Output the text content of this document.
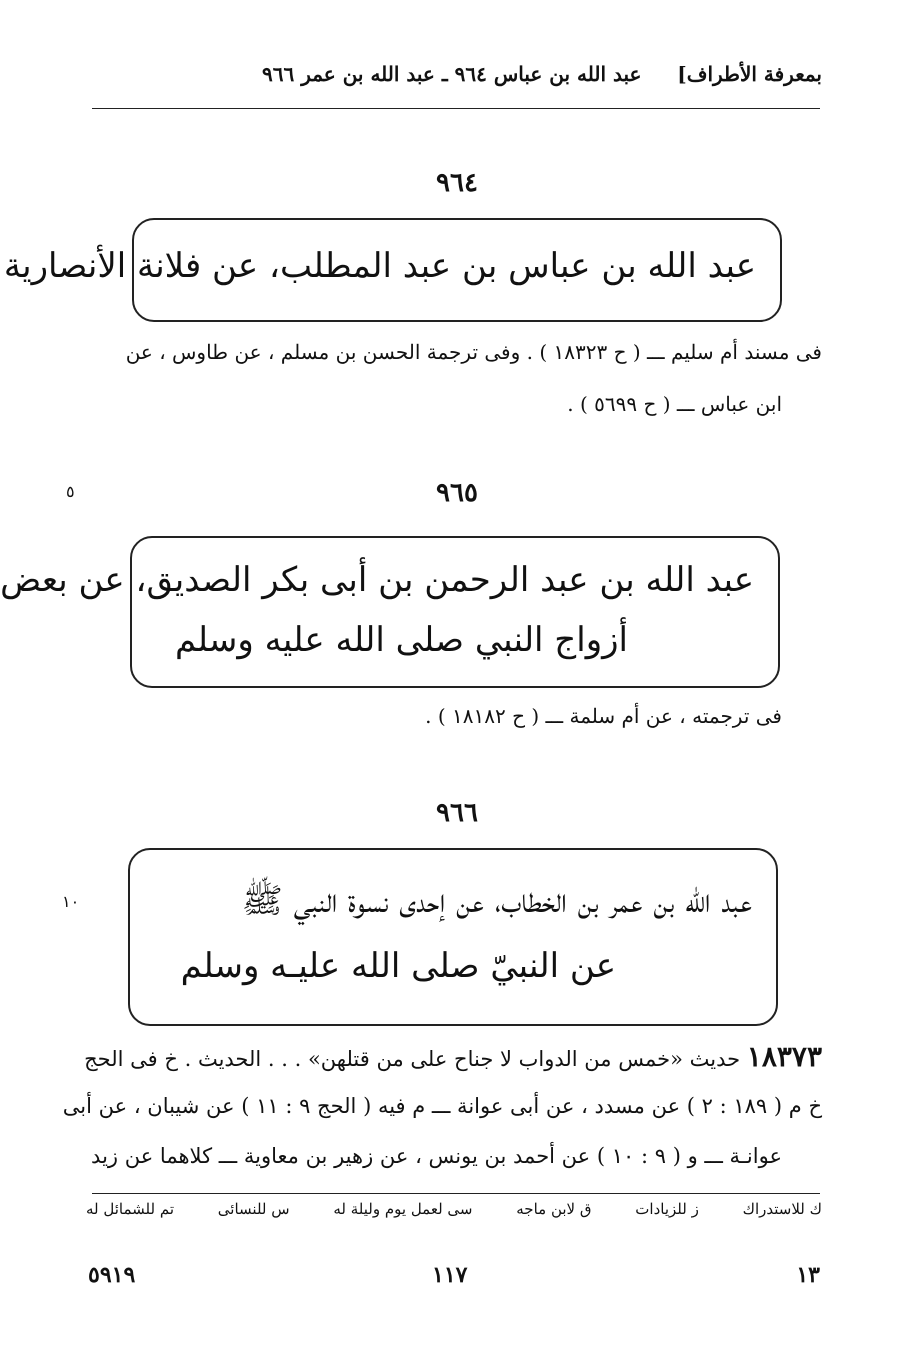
بمعرفة الأطراف]
عبد الله بن عباس ٩٦٤ ـ عبد الله بن عمر ٩٦٦
٩٦٤
عبد الله بن عباس بن عبد المطلب، عن فلانة الأنصارية
فى مسند أم سليم ـــ ( ح ١٨٣٢٣ ) . وفى ترجمة الحسن بن مسلم ، عن طاوس ، عن
ابن عباس ـــ ( ح ٥٦٩٩ ) .
٥	٩٦٥
عبد الله بن عبد الرحمن بن أبى بكر الصديق، عن بعض
أزواج النبي صلى الله عليه وسلم
فى ترجمته ، عن أم سلمة ـــ ( ح ١٨١٨٢ ) .
١٠
٩٦٦
عبد الله بن عمر بن الخطاب، عن إحدى نسوة النبي ﷺ
عن النبيّ صلى الله عليـه وسلم
١٨٣٧٣ حديث «خمس من الدواب لا جناح على من قتلهن» . . . الحديث . خ فى الحج
خ م ( ١٨٩ : ٢ ) عن مسدد ، عن أبى عوانة ـــ م فيه ( الحج ٩ : ١١ ) عن شيبان ، عن أبى
عوانـة ـــ و ( ٩ : ١٠ ) عن أحمد بن يونس ، عن زهير بن معاوية ـــ كلاهما عن زيد
تم للشمائل له	س للنسائى	سى لعمل يوم وليلة له	ق لابن ماجه	ز للزيادات	ك للاستدراك
١٣
١١٧
٥٩١٩
